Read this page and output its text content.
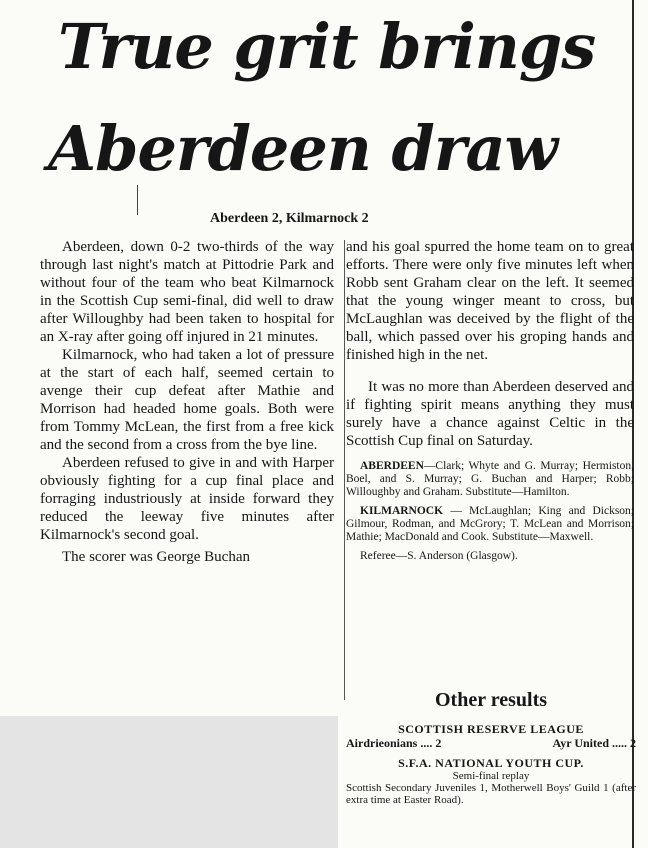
True grit brings
Aberdeen draw
Aberdeen 2, Kilmarnock 2

Aberdeen, down 0-2 two-thirds of the way through last night's match at Pittodrie Park and without four of the team who beat Kilmarnock in the Scottish Cup semi-final, did well to draw after Willoughby had been taken to hospital for an X-ray after going off injured in 21 minutes.

Kilmarnock, who had taken a lot of pressure at the start of each half, seemed certain to avenge their cup defeat after Mathie and Morrison had headed home goals. Both were from Tommy McLean, the first from a free kick and the second from a cross from the bye line.

Aberdeen refused to give in and with Harper obviously fighting for a cup final place and forraging industriously at inside forward they reduced the leeway five minutes after Kilmarnock's second goal.

The scorer was George Buchan

and his goal spurred the home team on to great efforts. There were only five minutes left when Robb sent Graham clear on the left. It seemed that the young winger meant to cross, but McLaughlan was deceived by the flight of the ball, which passed over his groping hands and finished high in the net.

It was no more than Aberdeen deserved and if fighting spirit means anything they must surely have a chance against Celtic in the Scottish Cup final on Saturday.

ABERDEEN—Clark; Whyte and G. Murray; Hermiston, Boel, and S. Murray; G. Buchan and Harper; Robb; Willoughby and Graham. Substitute—Hamilton.

KILMARNOCK — McLaughlan; King and Dickson; Gilmour, Rodman, and McGrory; T. McLean and Morrison; Mathie; MacDonald and Cook. Substitute—Maxwell.

Referee—S. Anderson (Glasgow).
Other results
SCOTTISH RESERVE LEAGUE
Airdrieonians .... 2	Ayr United ..... 2
S.F.A. NATIONAL YOUTH CUP.
Semi-final replay
Scottish Secondary Juveniles 1, Motherwell Boys' Guild 1 (after extra time at Easter Road).
